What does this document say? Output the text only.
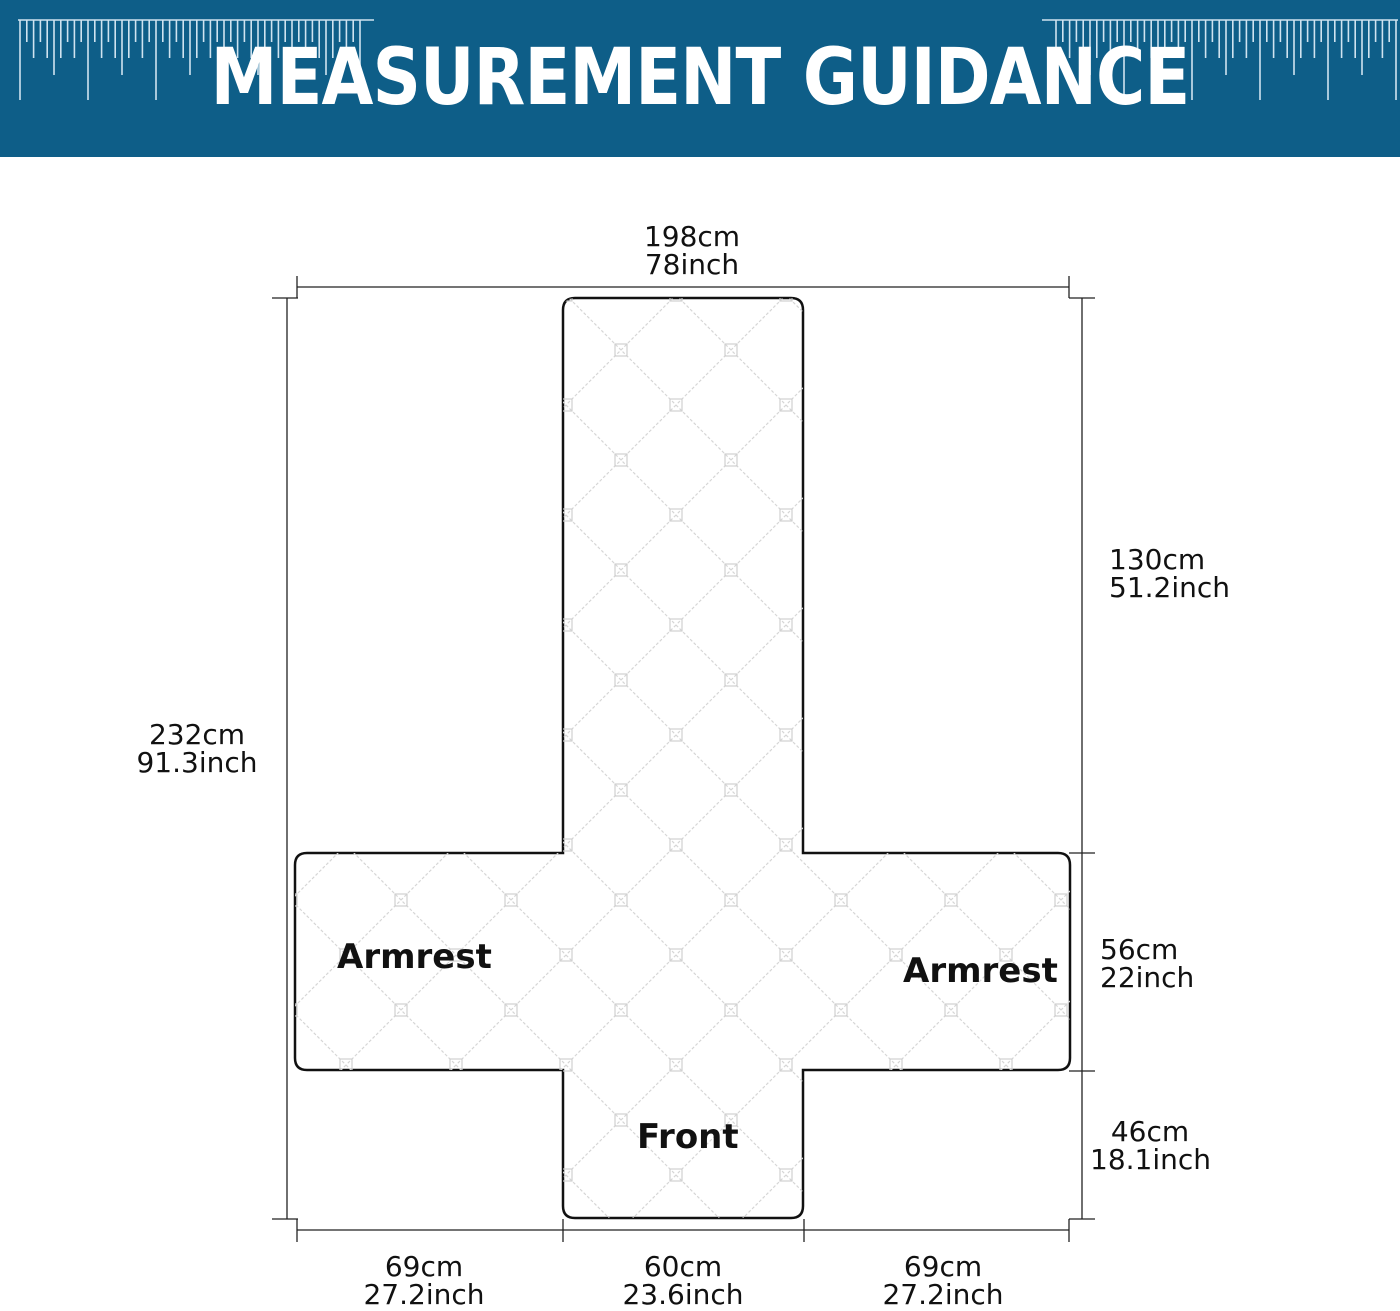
MEASUREMENT GUIDANCE
Armrest	Armrest
Front
198cm
78inch
232cm
91.3inch
130cm
51.2inch
56cm
22inch
46cm
18.1inch
69cm
27.2inch
60cm
23.6inch
69cm
27.2inch
